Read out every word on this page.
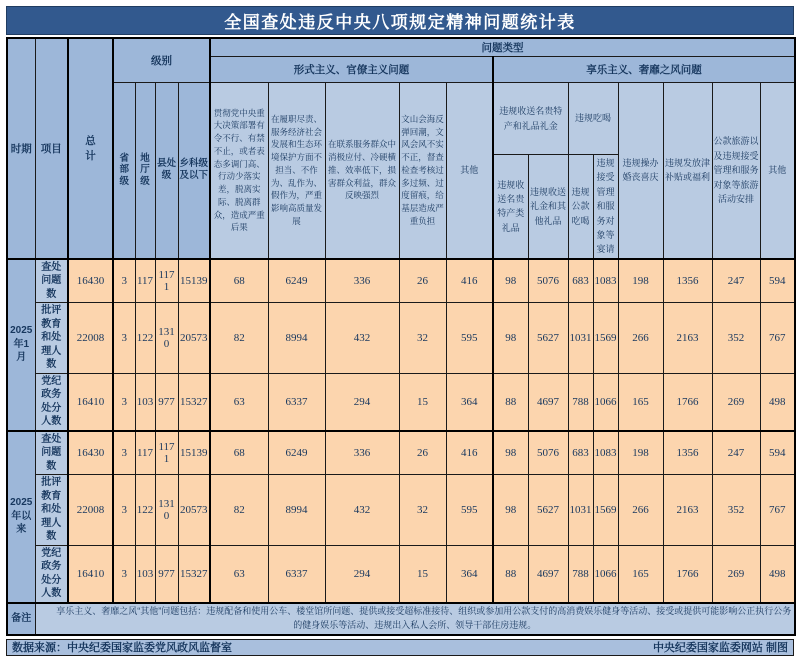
全国查处违反中央八项规定精神问题统计表
时期	项目	总计	级别				问题类型												
							形式主义、官僚主义问题					享乐主义、奢靡之风问题							
			省部级	地厅级	县处级	乡科级及以下	贯彻党中央重大决策部署有令不行、有禁不止，或者表态多调门高、行动少落实差，脱离实际、脱离群众，造成严重后果	在履职尽责、服务经济社会发展和生态环境保护方面不担当、不作为、乱作为、假作为，严重影响高质量发展	在联系服务群众中消极应付、冷硬横推、效率低下，损害群众利益，群众反映强烈	文山会海反弹回潮，文风会风不实不正，督查检查考核过多过频、过度留痕，给基层造成严重负担	其他	违规收送名贵特产和礼品礼金		违规吃喝		违规操办婚丧喜庆	违规发放津补贴或福利	公款旅游以及违规接受管理和服务对象等旅游活动安排	其他
												违规收送名贵特产类礼品	违规收送礼金和其他礼品	违规公款吃喝	违规接受管理和服务对象等宴请				
2025年1月	查处问题数	16430	3	117	1171	15139	68	6249	336	26	416	98	5076	683	1083	198	1356	247	594
	批评教育和处理人数	22008	3	122	1310	20573	82	8994	432	32	595	98	5627	1031	1569	266	2163	352	767
	党纪政务处分人数	16410	3	103	977	15327	63	6337	294	15	364	88	4697	788	1066	165	1766	269	498
2025年以来	查处问题数	16430	3	117	1171	15139	68	6249	336	26	416	98	5076	683	1083	198	1356	247	594
	批评教育和处理人数	22008	3	122	1310	20573	82	8994	432	32	595	98	5627	1031	1569	266	2163	352	767
	党纪政务处分人数	16410	3	103	977	15327	63	6337	294	15	364	88	4697	788	1066	165	1766	269	498
备注	享乐主义、奢靡之风“其他”问题包括：违规配备和使用公车、楼堂馆所问题、提供或接受超标准接待、组织或参加用公款支付的高消费娱乐健身等活动、接受或提供可能影响公正执行公务的健身娱乐等活动、违规出入私人会所、领导干部住房违规。																		
数据来源：中央纪委国家监委党风政风监督室	中央纪委国家监委网站 制图
